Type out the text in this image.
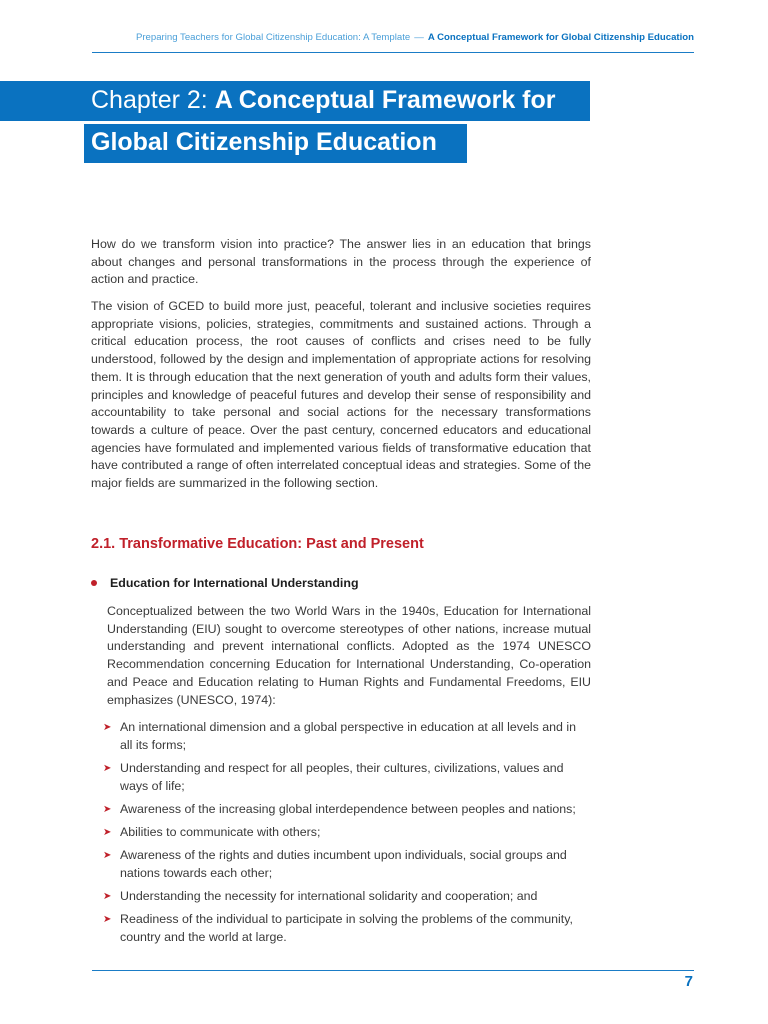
Preparing Teachers for Global Citizenship Education: A Template — A Conceptual Framework for Global Citizenship Education
Chapter 2: A Conceptual Framework for
Global Citizenship Education

How do we transform vision into practice? The answer lies in an education that brings about changes and personal transformations in the process through the experience of action and practice.

The vision of GCED to build more just, peaceful, tolerant and inclusive societies requires appropriate visions, policies, strategies, commitments and sustained actions. Through a critical education process, the root causes of conflicts and crises need to be fully understood, followed by the design and implementation of appropriate actions for resolving them. It is through education that the next generation of youth and adults form their values, principles and knowledge of peaceful futures and develop their sense of responsibility and accountability to take personal and social actions for the necessary transformations towards a culture of peace. Over the past century, concerned educators and educational agencies have formulated and implemented various fields of transformative education that have contributed a range of often interrelated conceptual ideas and strategies. Some of the major fields are summarized in the following section.

2.1. Transformative Education: Past and Present
Education for International Understanding

Conceptualized between the two World Wars in the 1940s, Education for International Understanding (EIU) sought to overcome stereotypes of other nations, increase mutual understanding and prevent international conflicts. Adopted as the 1974 UNESCO Recommendation concerning Education for International Understanding, Co-operation and Peace and Education relating to Human Rights and Fundamental Freedoms, EIU emphasizes (UNESCO, 1974):

➤ An international dimension and a global perspective in education at all levels and in all its forms;
➤ Understanding and respect for all peoples, their cultures, civilizations, values and ways of life;
➤ Awareness of the increasing global interdependence between peoples and nations;
➤ Abilities to communicate with others;
➤ Awareness of the rights and duties incumbent upon individuals, social groups and nations towards each other;
➤ Understanding the necessity for international solidarity and cooperation; and
➤ Readiness of the individual to participate in solving the problems of the community, country and the world at large.
7
